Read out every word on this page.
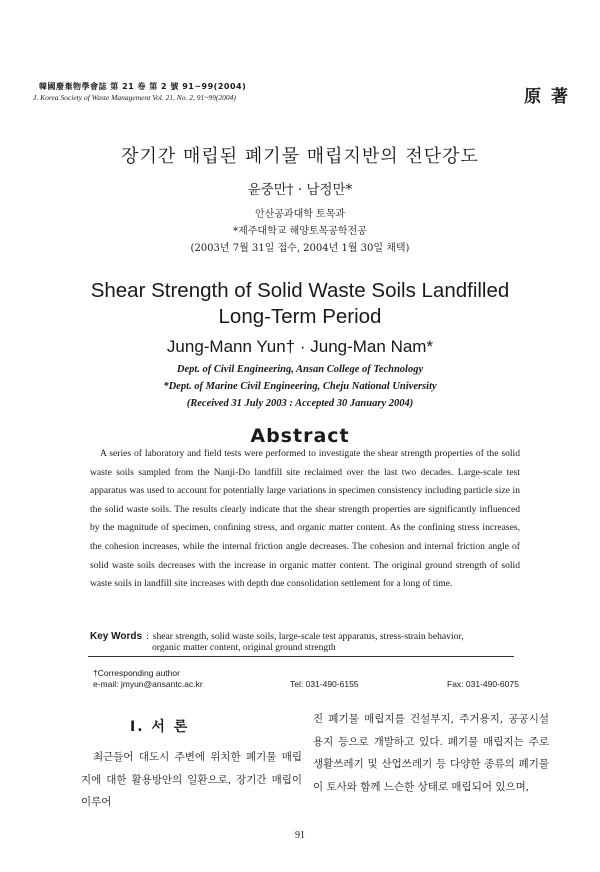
韓國廢棄物學會誌 第 21 卷 第 2 號 91~99(2004)
J. Korea Society of Waste Management Vol. 21, No. 2, 91~99(2004)	原 著
장기간 매립된 폐기물 매립지반의 전단강도
윤중만† · 남정만*
안산공과대학 토목과
*제주대학교 해양토목공학전공
(2003년 7월 31일 접수, 2004년 1월 30일 채택)
Shear Strength of Solid Waste Soils Landfilled
Long-Term Period
Jung-Mann Yun† · Jung-Man Nam*
Dept. of Civil Engineering, Ansan College of Technology
*Dept. of Marine Civil Engineering, Cheju National University
(Received 31 July 2003 : Accepted 30 January 2004)
Abstract
A series of laboratory and field tests were performed to investigate the shear strength properties of the solid waste soils sampled from the Nanji-Do landfill site reclaimed over the last two decades. Large-scale test apparatus was used to account for potentially large variations in specimen consistency including particle size in the solid waste soils. The results clearly indicate that the shear strength properties are significantly influenced by the magnitude of specimen, confining stress, and organic matter content. As the confining stress increases, the cohesion increases, while the internal friction angle decreases. The cohesion and internal friction angle of solid waste soils decreases with the increase in organic matter content. The original ground strength of solid waste soils in landfill site increases with depth due consolidation settlement for a long of time.
Key Words : shear strength, solid waste soils, large-scale test apparatus, stress-strain behavior,
organic matter content, original ground strength
†Corresponding author
e-mail: jmyun@ansantc.ac.kr	Tel: 031-490-6155	Fax: 031-490-6075
Ⅰ. 서 론
최근들어 대도시 주변에 위치한 폐기물 매립지에 대한 활용방안의 일환으로, 장기간 매립이 이루어
진 폐기물 매립지를 건설부지, 주거용지, 공공시설용지 등으로 개발하고 있다. 폐기물 매립지는 주로 생활쓰레기 및 산업쓰레기 등 다양한 종류의 폐기물이 토사와 함께 느슨한 상태로 매립되어 있으며,
91
